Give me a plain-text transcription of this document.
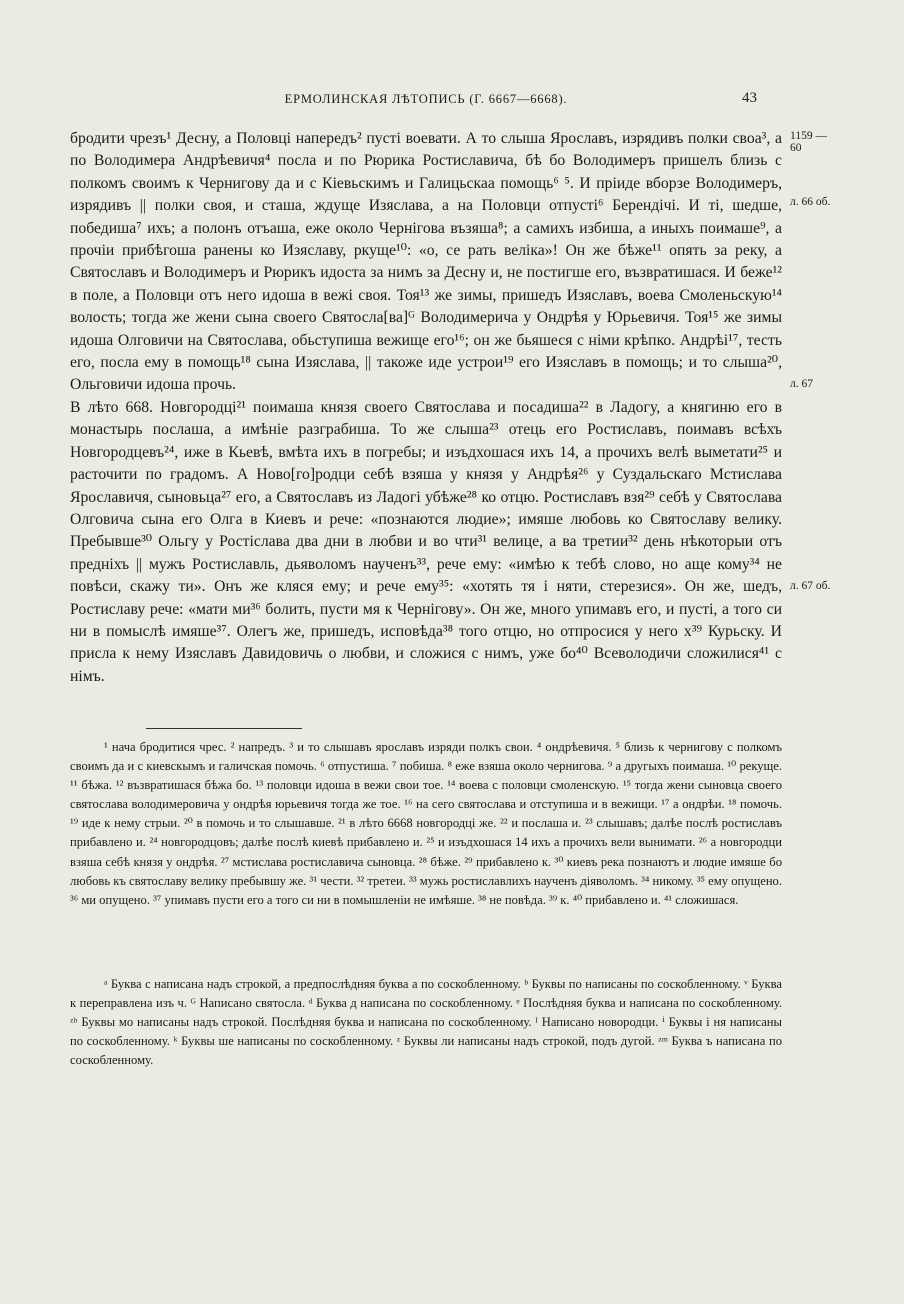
ЕРМОЛИНСКАЯ ЛѢТОПИСЬ (Г. 6667—6668).	43
1159 —60
л. 66 об.
л. 67
л. 67 об.

бродити чрезъ¹ Десну, а Половці напередъ² пусті воевати. А то слыша Ярославъ, изрядивъ полки своа³, а по Володимера Андрѣевичя⁴ посла и по Рюрика Ростиславича, бѣ бо Володимеръ пришелъ близь с полкомъ своимъ к Чернигову да и с Кіевьскимъ и Галицьскаа помощь⁶ ⁵. И пріиде вборзе Володимеръ, изрядивъ || полки своя, и сташа, ждуще Изяслава, а на Половци отпусті⁶ Берендічі. И ті, шедше, победиша⁷ ихъ; а полонъ отъаша, еже около Чернігова възяша⁸; а самихъ избиша, а иныхъ поимаше⁹, а прочіи прибѣгоша ранены ко Изяславу, ркуще¹⁰: «о, се рать веліка»! Он же бѣже¹¹ опять за реку, а Святославъ и Володимеръ и Рюрикъ идоста за нимъ за Десну и, не постигше его, възвратишася. И беже¹² в поле, а Половци отъ него идоша в вежі своя. Тоя¹³ же зимы, пришедъ Изяславъ, воева Смоленьскую¹⁴ волость; тогда же жени сына своего Святосла[ва]ᴳ Володимеричa у Ондрѣя у Юрьевичя. Тоя¹⁵ же зимы идоша Олговичи на Святослава, обьступиша вежище его¹⁶; он же бьяшеся с німи крѣпко. Андрѣі¹⁷, тесть его, посла ему в помощь¹⁸ сына Изяслава, || такоже иде устрои¹⁹ его Изяславъ в помощь; и то слыша²⁰, Ольговичи идоша прочь.

В лѣто 668. Новгородці²¹ поимаша князя своего Святослава и посадиша²² в Ладогу, а княгиню его в монастырь послаша, а имѣніе разграбиша. То же слыша²³ отець его Ростиславъ, поимавъ всѣхъ Новгородцевъ²⁴, иже в Кьевѣ, вмѣта ихъ в погребы; и изъдхошася ихъ 14, а прочихъ велѣ выметати²⁵ и расточити по градомъ. А Ново[го]родци себѣ взяша у князя у Андрѣя²⁶ у Суздальскаго Мстислава Ярославичя, сыновьца²⁷ его, а Святославъ из Ладогі убѣже²⁸ ко отцю. Ростиславъ взя²⁹ себѣ у Святослава Олговича сына его Олга в Киевъ и рече: «познаются людие»; имяше любовь ко Святославу велику. Пребывше³⁰ Ольгу у Ростіслава два дни в любви и во чти³¹ велице, а ва третии³² день нѣкоторыи отъ преднiхъ || мужъ Ростиславль, дьяволомъ наученъ³³, рече ему: «имѣю к тебѣ слово, но аще кому³⁴ не повѣси, скажу ти». Онъ же кляся ему; и рече ему³⁵: «хотять тя і няти, стерезися». Он же, шедъ, Ростиславу рече: «мати ми³⁶ болить, пусти мя к Чернігову». Он же, много упимавъ его, и пусті, а того си ни в помыслѣ имяше³⁷. Олегъ же, пришедъ, исповѣда³⁸ того отцю, но отпросися у него х³⁹ Курьску. И присла к нему Изяславъ Давидовичь о любви, и сложися с нимъ, уже бо⁴⁰ Всеволодичи сложилися⁴¹ с німъ.

¹ нача бродитися чрес. ² напредъ. ³ и то слышавъ ярославъ изряди полкъ свои. ⁴ ондрѣевичя. ⁵ близь к чернигову с полкомъ своимъ да и с киевскымъ и галичская помочь. ⁶ отпустиша. ⁷ побиша. ⁸ еже взяша около чернигова. ⁹ а другыхъ поимаша. ¹⁰ рекуще. ¹¹ бѣжа. ¹² възвратишася бѣжа бо. ¹³ половци идоша в вежи свои тое. ¹⁴ воева с половци смоленскую. ¹⁵ тогда жени сыновца своего святослава володимеровича у ондрѣя юрьевичя тогда же тое. ¹⁶ на сего святослава и отступиша и в вежищи. ¹⁷ а ондрѣи. ¹⁸ помочь. ¹⁹ иде к нему стрыи. ²⁰ в помочь и то слышавше. ²¹ в лѣто 6668 новгородці же. ²² и послаша и. ²³ слышавъ; далѣе послѣ ростиславъ прибавлено и. ²⁴ новгородцовъ; далѣе послѣ киевѣ прибавлено и. ²⁵ и изъдхошася 14 ихъ а прочихъ вели вынимати. ²⁶ а новгородци взяша себѣ князя у ондрѣя. ²⁷ мстислава ростиславича сыновца. ²⁸ бѣже. ²⁹ прибавлено к. ³⁰ киевъ река познаютъ и людие имяше бо любовь къ святославу велику пребывшу же. ³¹ чести. ³² третеи. ³³ мужь ростиславлихъ наученъ діяволомъ. ³⁴ никому. ³⁵ ему опущено. ³⁶ ми опущено. ³⁷ упимавъ пусти его а того си ни в помышленіи не имѣяше. ³⁸ не повѣда. ³⁹ к. ⁴⁰ прибавлено и. ⁴¹ сложишася.

ᵃ Буква с написана надъ строкой, а предпослѣдняя буква а по соскобленному. ᵇ Буквы по написаны по соскобленному. ᵛ Буква к переправлена изъ ч. ᴳ Написано святосла. ᵈ Буква д написана по соскобленному. ᵉ Послѣдняя буква и написана по соскобленному. ᶻʰ Буквы мо написаны надъ строкой. Послѣдняя буква и написана по соскобленному. ᴵ Написано новородци. ⁱ Буквы і ня написаны по соскобленному. ᵏ Буквы ше написаны по соскобленному. ᶻ Буквы ли написаны надъ строкой, подъ дугой. ᶻᵐ Буква ъ написана по соскобленному.
